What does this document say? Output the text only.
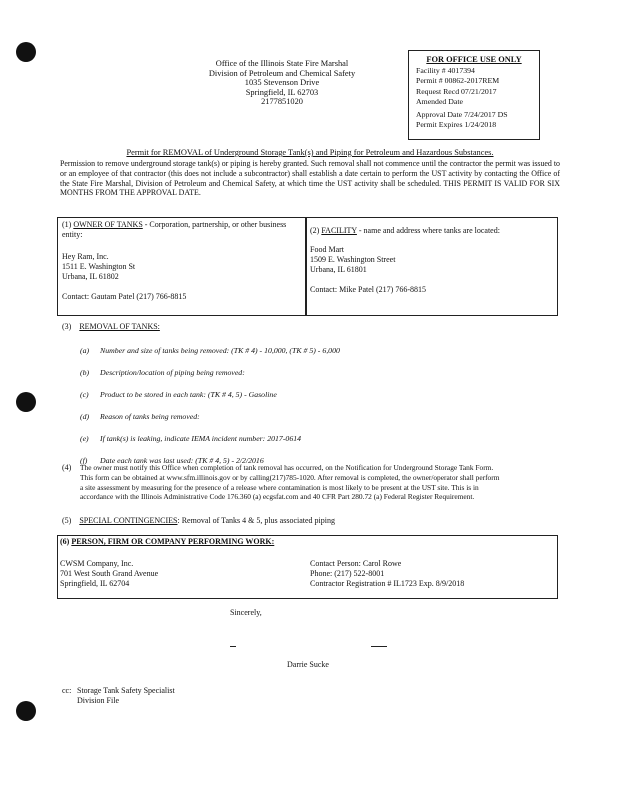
Office of the Illinois State Fire Marshal
Division of Petroleum and Chemical Safety
1035 Stevenson Drive
Springfield, IL 62703
2177851020
FOR OFFICE USE ONLY
Facility # 4017394
Permit # 00862-2017REM
Request Recd 07/21/2017
Amended Date
Approval Date 7/24/2017 DS
Permit Expires 1/24/2018
Permit for REMOVAL of Underground Storage Tank(s) and Piping for Petroleum and Hazardous Substances.
Permission to remove underground storage tank(s) or piping is hereby granted. Such removal shall not commence until the contractor the permit was issued to or an employee of that contractor (this does not include a subcontractor) shall establish a date certain to perform the UST activity by contacting the Office of the State Fire Marshal, Division of Petroleum and Chemical Safety, at which time the UST activity shall be scheduled. THIS PERMIT IS VALID FOR SIX MONTHS FROM THE APPROVAL DATE.
(1) OWNER OF TANKS - Corporation, partnership, or other business entity:
Hey Ram, Inc.
1511 E. Washington St
Urbana, IL 61802
Contact: Gautam Patel (217) 766-8815
(2) FACILITY - name and address where tanks are located:
Food Mart
1509 E. Washington Street
Urbana, IL 61801
Contact: Mike Patel (217) 766-8815
(3) REMOVAL OF TANKS:
(a) Number and size of tanks being removed: (TK # 4) - 10,000, (TK # 5) - 6,000
(b) Description/location of piping being removed:
(c) Product to be stored in each tank: (TK # 4, 5) - Gasoline
(d) Reason of tanks being removed:
(e) If tank(s) is leaking, indicate IEMA incident number: 2017-0614
(f) Date each tank was last used: (TK # 4, 5) - 2/2/2016
(4) The owner must notify this Office when completion of tank removal has occurred, on the Notification for Underground Storage Tank Form.
This form can be obtained at www.sfm.illinois.gov or by calling(217)785-1020. After removal is completed, the owner/operator shall perform
a site assessment by measuring for the presence of a release where contamination is most likely to be present at the UST site. This is in
accordance with the Illinois Administrative Code 176.360 (a) ecgsfat.com and 40 CFR Part 280.72 (a) Federal Register Requirement.
(5) SPECIAL CONTINGENCIES: Removal of Tanks 4 & 5, plus associated piping
(6) PERSON, FIRM OR COMPANY PERFORMING WORK:
CWSM Company, Inc.
701 West South Grand Avenue
Springfield, IL 62704
Contact Person: Carol Rowe
Phone: (217) 522-8001
Contractor Registration # IL1723 Exp. 8/9/2018
Sincerely,
Darrie Sucke
cc: Storage Tank Safety Specialist
Division File
